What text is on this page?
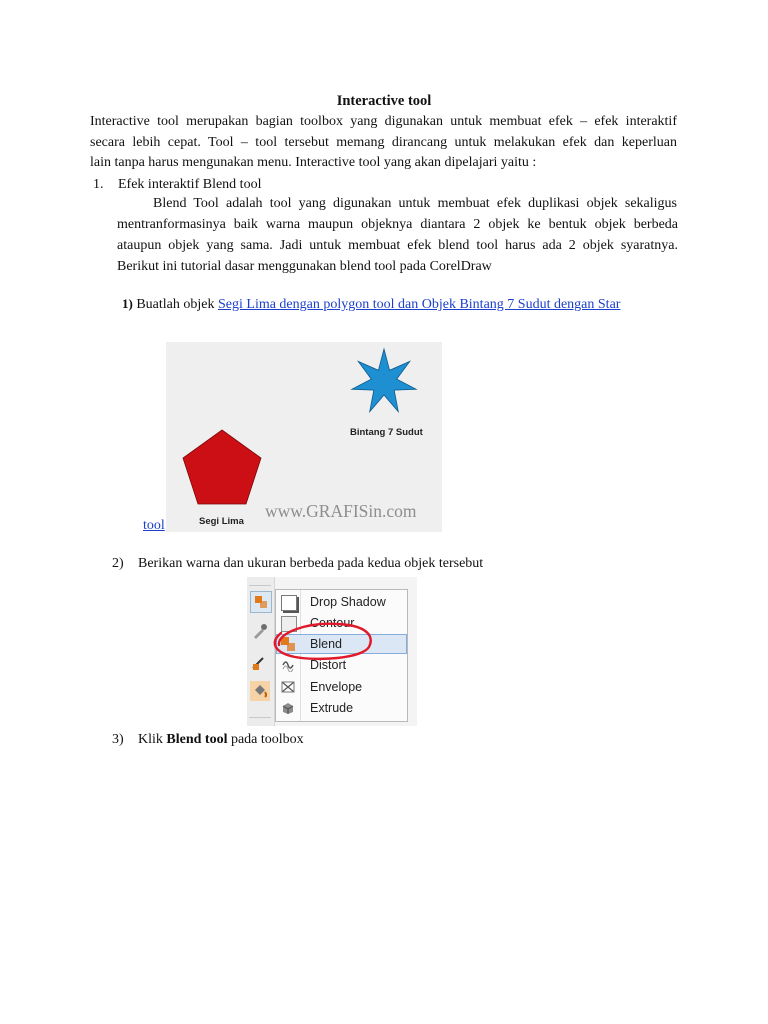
Interactive tool
Interactive tool merupakan bagian toolbox yang digunakan untuk membuat efek – efek interaktif
secara lebih cepat. Tool – tool tersebut memang dirancang untuk melakukan efek dan keperluan
lain tanpa harus mengunakan menu. Interactive tool yang akan dipelajari yaitu :
1. Efek interaktif Blend tool
Blend Tool adalah tool yang digunakan untuk membuat efek duplikasi objek sekaligus
mentranformasinya baik warna maupun objeknya diantara 2 objek ke bentuk objek berbeda
ataupun objek yang sama. Jadi untuk membuat efek blend tool harus ada 2 objek syaratnya.
Berikut ini tutorial dasar menggunakan blend tool pada CorelDraw
1) Buatlah objek Segi Lima dengan polygon tool dan Objek Bintang 7 Sudut dengan Star
Bintang 7 Sudut
Segi Lima
www.GRAFISin.com
tool
2) Berikan warna dan ukuran berbeda pada kedua objek tersebut
Drop Shadow
Contour
Blend
Distort
Envelope
Extrude
3) Klik Blend tool pada toolbox
